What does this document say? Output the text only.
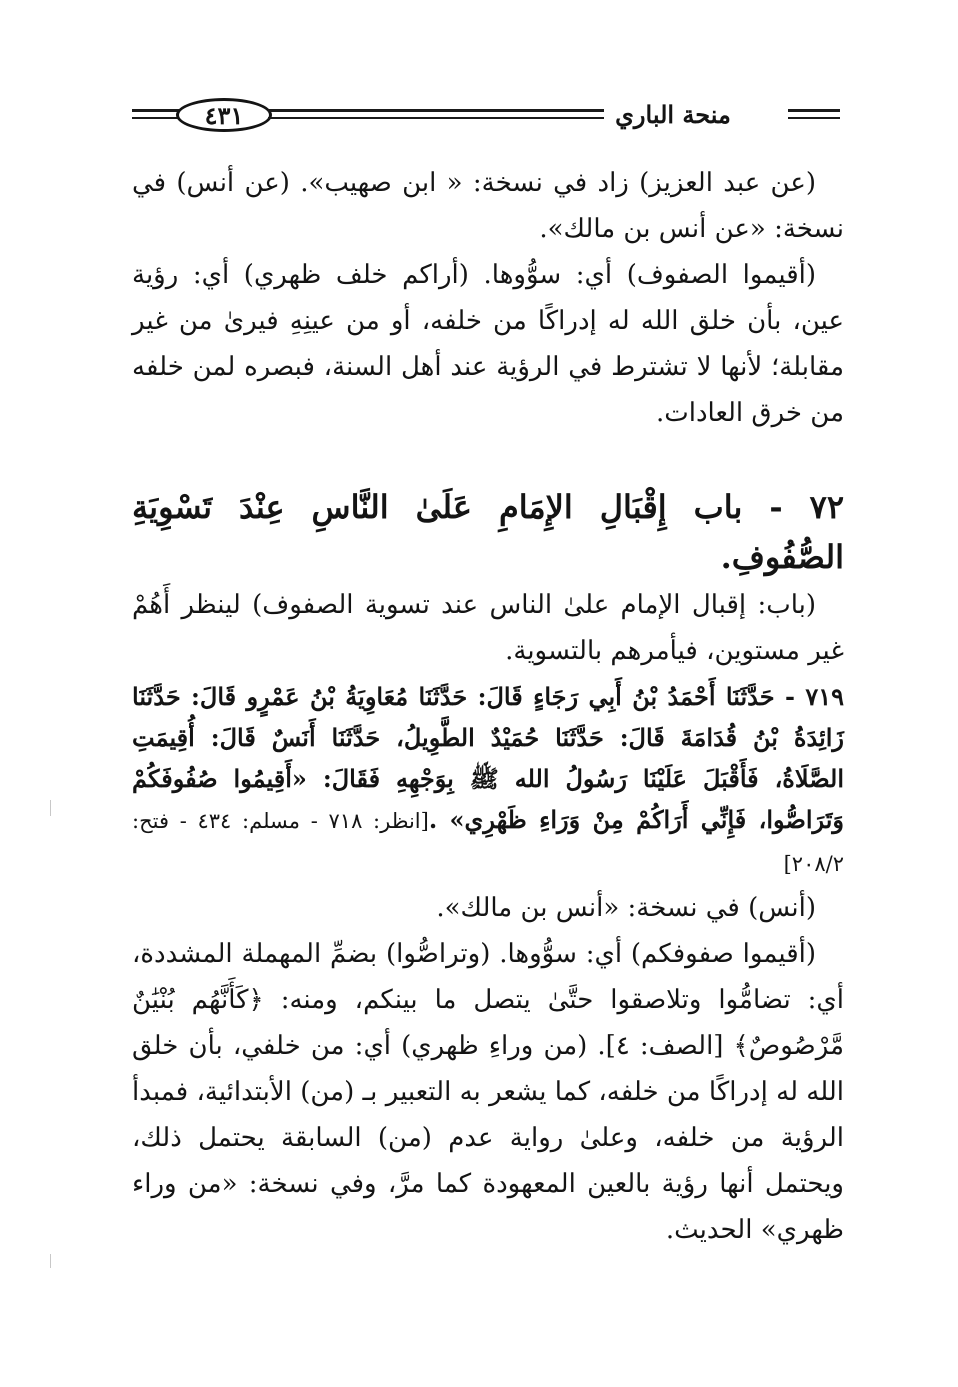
٤٣١	منحة الباري

(عن عبد العزيز) زاد في نسخة: « ابن صهيب». (عن أنس) في نسخة: «عن أنس بن مالك».

(أقيموا الصفوف) أي: سوُّوها. (أراكم خلف ظهري) أي: رؤية عين، بأن خلق الله له إدراكًا من خلفه، أو من عينِهِ فيرىٰ من غير مقابلة؛ لأنها لا تشترط في الرؤية عند أهل السنة، فبصره لمن خلفه من خرق العادات.

٧٢ - باب إِقْبَالِ الإِمَامِ عَلَىٰ النَّاسِ عِنْدَ تَسْوِيَةِ الصُّفُوفِ.

(باب: إقبال الإمام علىٰ الناس عند تسوية الصفوف) لينظر أَهُمْ غير مستوين، فيأمرهم بالتسوية.

٧١٩ - حَدَّثَنَا أَحْمَدُ بْنُ أَبِي رَجَاءٍ قَالَ: حَدَّثَنَا مُعَاوِيَةُ بْنُ عَمْرٍو قَالَ: حَدَّثَنَا زَائِدَةُ بْنُ قُدَامَةَ قَالَ: حَدَّثَنَا حُمَيْدٌ الطَّوِيلُ، حَدَّثَنَا أَنَسٌ قَالَ: أُقِيمَتِ الصَّلَاةُ، فَأَقْبَلَ عَلَيْنَا رَسُولُ الله ﷺ بِوَجْهِهِ فَقَالَ: «أَقِيمُوا صُفُوفَكُمْ وَتَرَاصُّوا، فَإِنِّي أَرَاكُمْ مِنْ وَرَاءِ ظَهْرِي» .[انظر: ٧١٨ - مسلم: ٤٣٤ - فتح: ٢٠٨/٢]

(أنس) في نسخة: «أنس بن مالك».

(أقيموا صفوفكم) أي: سوُّوها. (وتراصُّوا) بضمِّ المهملة المشددة، أي: تضامُّوا وتلاصقوا حتَّىٰ يتصل ما بينكم، ومنه: ﴿كَأَنَّهُم بُنْيَٰنٌ مَّرْصُوصٌ﴾ [الصف: ٤]. (من وراءِ ظهري) أي: من خلفي، بأن خلق الله له إدراكًا من خلفه، كما يشعر به التعبير بـ (من) الأبتدائية، فمبدأ الرؤية من خلفه، وعلىٰ رواية عدم (من) السابقة يحتمل ذلك، ويحتمل أنها رؤية بالعين المعهودة كما مرَّ، وفي نسخة: «من وراء ظهري» الحديث.
